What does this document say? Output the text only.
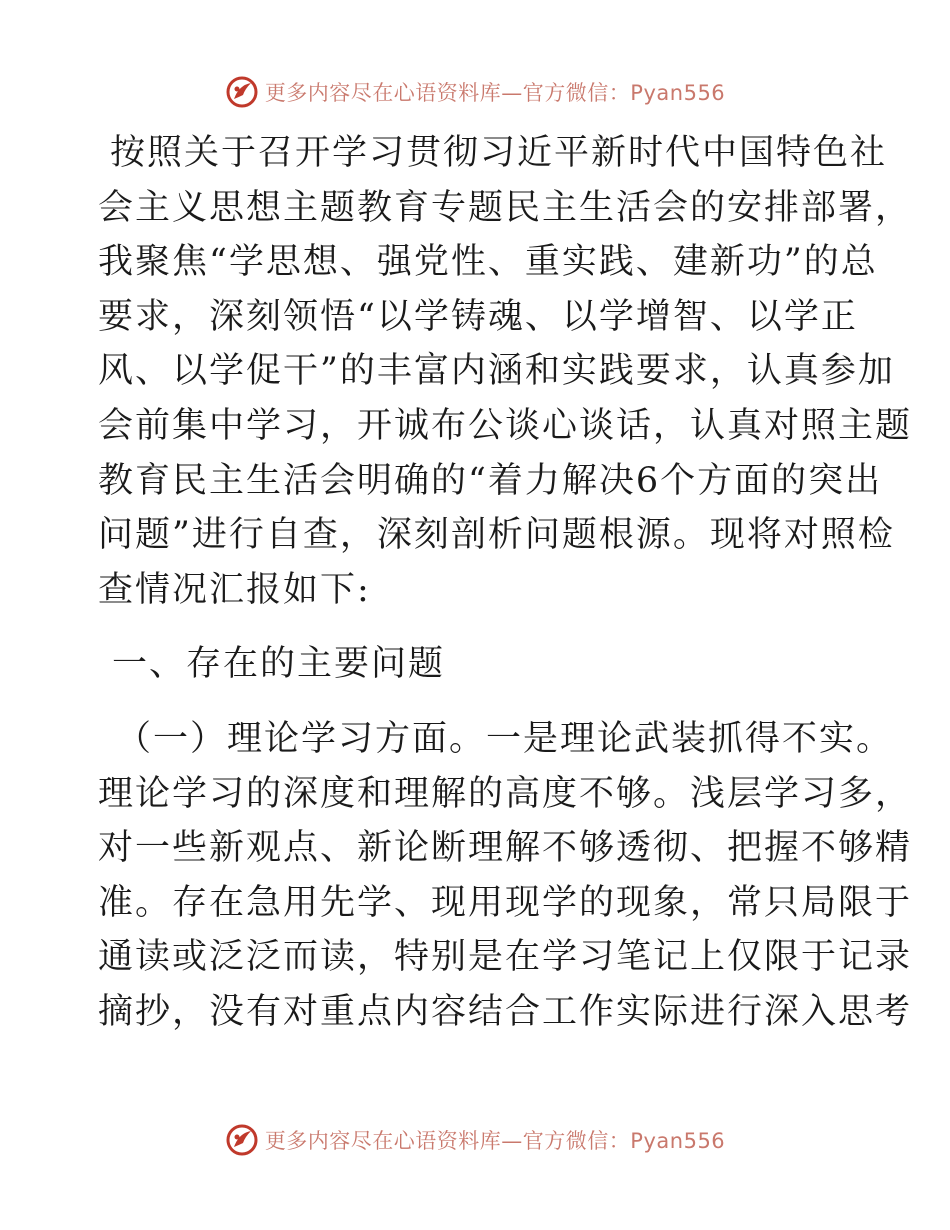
更多内容尽在心语资料库—官方微信：Pyan556
按照关于召开学习贯彻习近平新时代中国特色社
会主义思想主题教育专题民主生活会的安排部署，
我聚焦“学思想、强党性、重实践、建新功”的总
要求，深刻领悟“以学铸魂、以学增智、以学正
风、以学促干”的丰富内涵和实践要求，认真参加
会前集中学习，开诚布公谈心谈话，认真对照主题
教育民主生活会明确的“着力解决6个方面的突出
问题”进行自查，深刻剖析问题根源。现将对照检
查情况汇报如下:
一、存在的主要问题
（一）理论学习方面。一是理论武装抓得不实。
理论学习的深度和理解的高度不够。浅层学习多，
对一些新观点、新论断理解不够透彻、把握不够精
准。存在急用先学、现用现学的现象，常只局限于
通读或泛泛而读，特别是在学习笔记上仅限于记录
摘抄，没有对重点内容结合工作实际进行深入思考
更多内容尽在心语资料库—官方微信：Pyan556
